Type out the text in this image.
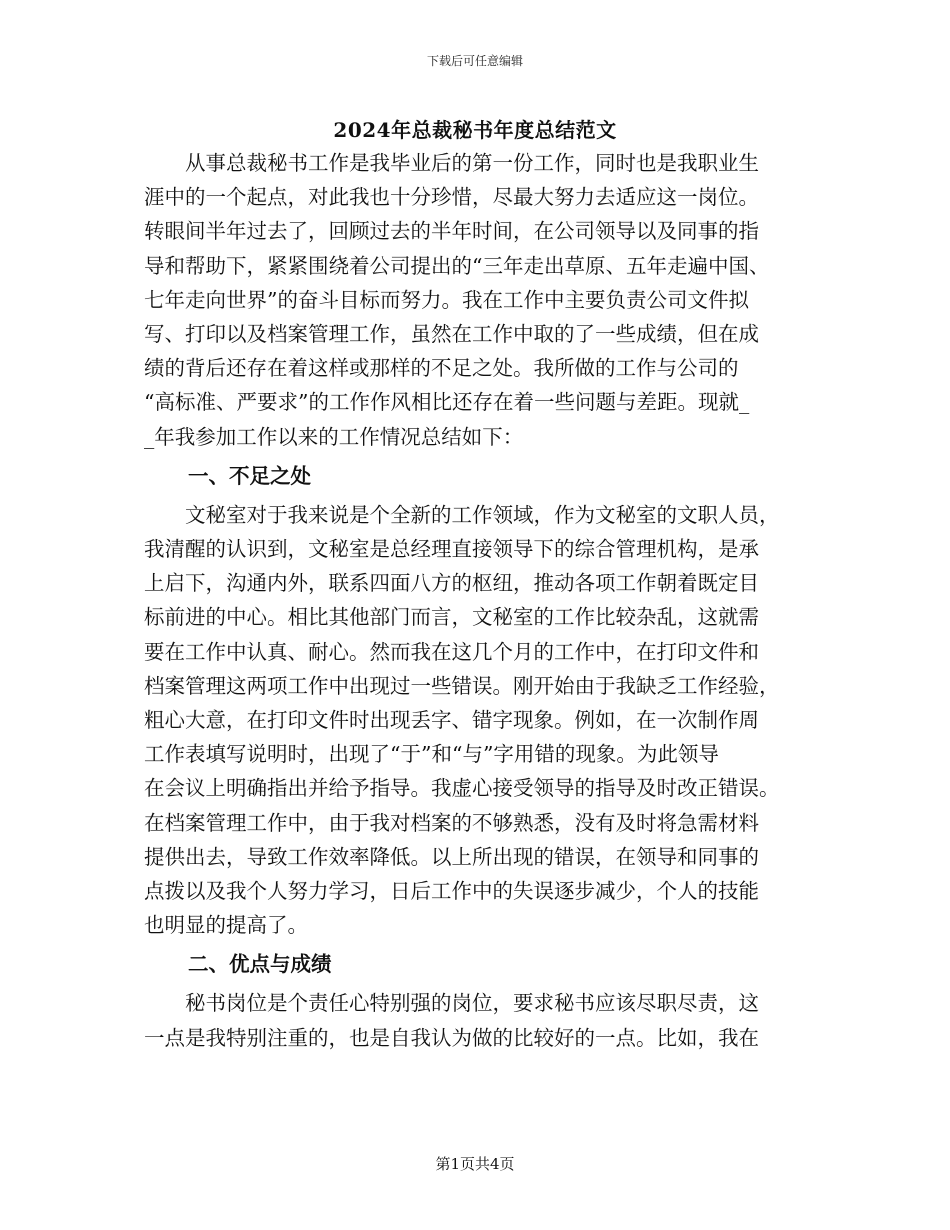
下载后可任意编辑
2024年总裁秘书年度总结范文
从事总裁秘书工作是我毕业后的第一份工作，同时也是我职业生
涯中的一个起点，对此我也十分珍惜，尽最大努力去适应这一岗位。
转眼间半年过去了，回顾过去的半年时间，在公司领导以及同事的指
导和帮助下，紧紧围绕着公司提出的“三年走出草原、五年走遍中国、
七年走向世界”的奋斗目标而努力。我在工作中主要负责公司文件拟
写、打印以及档案管理工作，虽然在工作中取的了一些成绩，但在成
绩的背后还存在着这样或那样的不足之处。我所做的工作与公司的
“高标准、严要求”的工作作风相比还存在着一些问题与差距。现就_
_年我参加工作以来的工作情况总结如下：
一、不足之处
文秘室对于我来说是个全新的工作领域，作为文秘室的文职人员，
我清醒的认识到，文秘室是总经理直接领导下的综合管理机构，是承
上启下，沟通内外，联系四面八方的枢纽，推动各项工作朝着既定目
标前进的中心。相比其他部门而言，文秘室的工作比较杂乱，这就需
要在工作中认真、耐心。然而我在这几个月的工作中，在打印文件和
档案管理这两项工作中出现过一些错误。刚开始由于我缺乏工作经验，
粗心大意，在打印文件时出现丢字、错字现象。例如，在一次制作周
工作表填写说明时，出现了“于”和“与”字用错的现象。为此领导
在会议上明确指出并给予指导。我虚心接受领导的指导及时改正错误。
在档案管理工作中，由于我对档案的不够熟悉，没有及时将急需材料
提供出去，导致工作效率降低。以上所出现的错误，在领导和同事的
点拨以及我个人努力学习，日后工作中的失误逐步减少，个人的技能
也明显的提高了。
二、优点与成绩
秘书岗位是个责任心特别强的岗位，要求秘书应该尽职尽责，这
一点是我特别注重的，也是自我认为做的比较好的一点。比如，我在
第1页共4页
